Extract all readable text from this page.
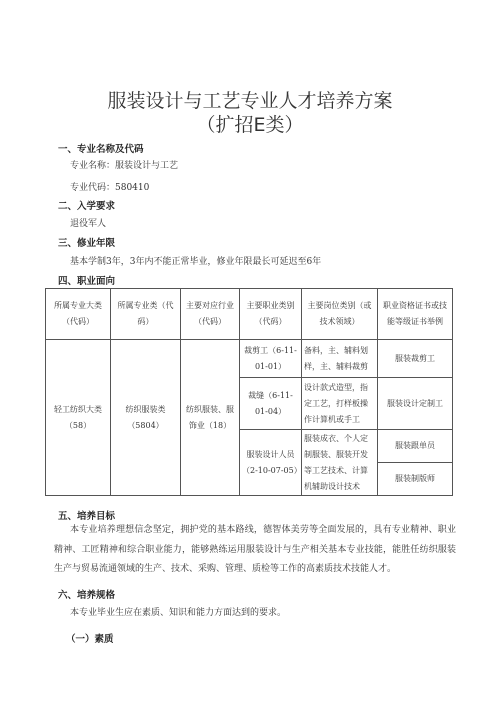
服装设计与工艺专业人才培养方案
（扩招E类）
一、专业名称及代码
专业名称：服装设计与工艺
专业代码：580410
二、入学要求
退役军人
三、修业年限
基本学制3年，3年内不能正常毕业，修业年限最长可延迟至6年
四、职业面向
所属专业大类（代码）	所属专业类（代码）	主要对应行业（代码）	主要职业类别（代码）	主要岗位类别（或技术领域）	职业资格证书或技能等级证书举例
轻工纺织大类（58）	纺织服装类（5804）	纺织服装、服饰业（18）	裁剪工（6-11-01-01）	备料，主、辅料划样，主、辅料裁剪	服装裁剪工
			裁缝（6-11-01-04）	设计款式造型，指定工艺，打样板操作计算机或手工	服装设计定制工
			服装设计人员（2-10-07-05）	服装成衣、个人定制服装、服装开发等工艺技术、计算机辅助设计技术	服装跟单员
					服装制版师
五、培养目标
本专业培养理想信念坚定，拥护党的基本路线，德智体美劳等全面发展的，具有专业精神、职业精神、工匠精神和综合职业能力，能够熟练运用服装设计与生产相关基本专业技能，能胜任纺织服装生产与贸易流通领域的生产、技术、采购、管理、质检等工作的高素质技术技能人才。
六、培养规格
本专业毕业生应在素质、知识和能力方面达到的要求。
（一）素质
